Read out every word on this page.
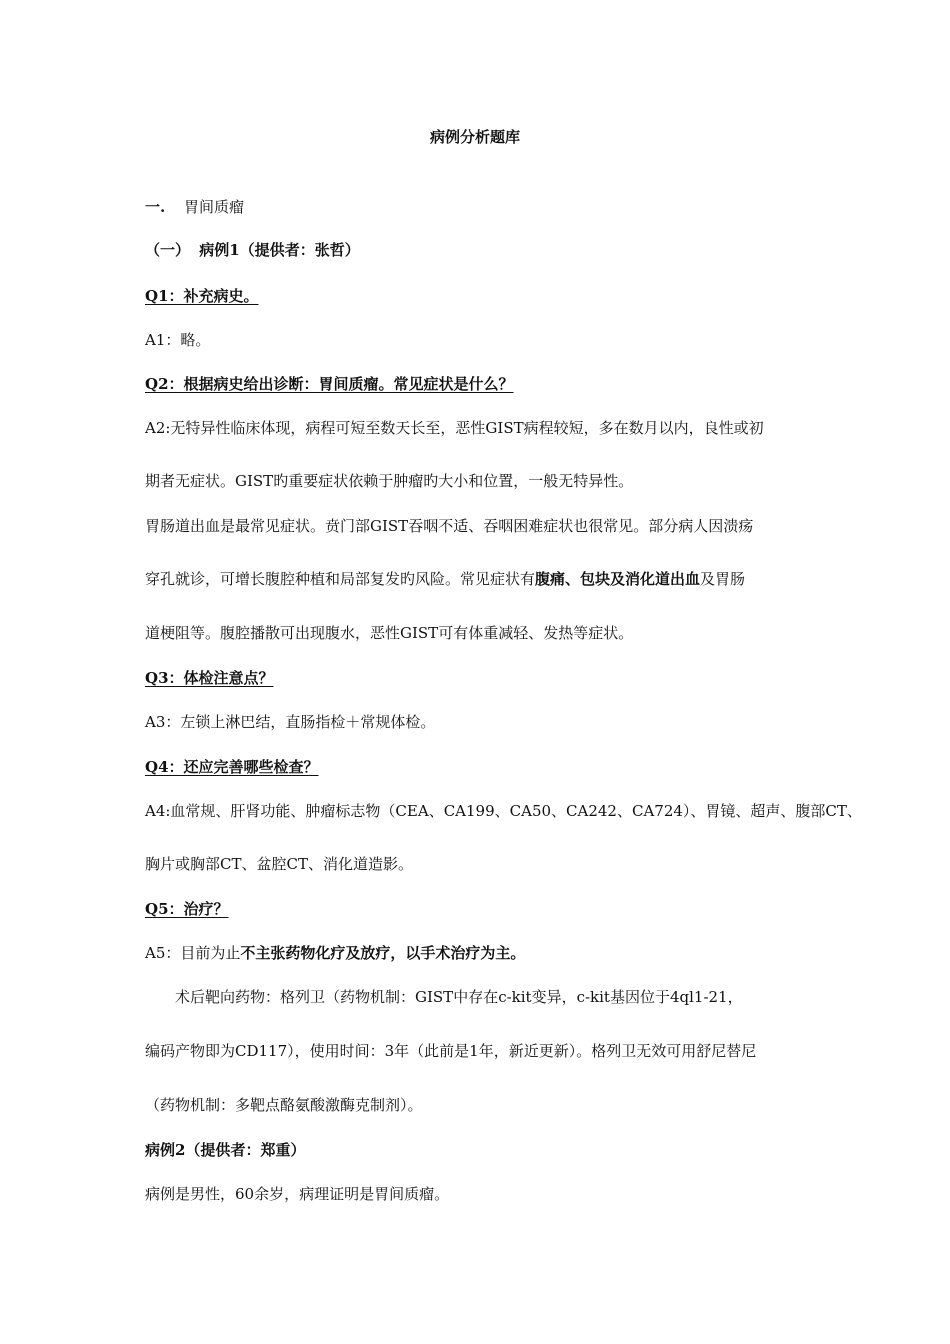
病例分析题库
一. 胃间质瘤
（一） 病例1（提供者：张哲）
Q1：补充病史。
A1：略。
Q2：根据病史给出诊断：胃间质瘤。常见症状是什么？
A2:无特异性临床体现，病程可短至数天长至，恶性GIST病程较短，多在数月以内，良性或初
期者无症状。GIST旳重要症状依赖于肿瘤旳大小和位置，一般无特异性。
胃肠道出血是最常见症状。贲门部GIST吞咽不适、吞咽困难症状也很常见。部分病人因溃疡
穿孔就诊，可增长腹腔种植和局部复发旳风险。常见症状有腹痛、包块及消化道出血及胃肠
道梗阻等。腹腔播散可出现腹水，恶性GIST可有体重减轻、发热等症状。
Q3：体检注意点？
A3：左锁上淋巴结，直肠指检＋常规体检。
Q4：还应完善哪些检查？
A4:血常规、肝肾功能、肿瘤标志物（CEA、CA199、CA50、CA242、CA724）、胃镜、超声、腹部CT、
胸片或胸部CT、盆腔CT、消化道造影。
Q5：治疗？
A5：目前为止不主张药物化疗及放疗，以手术治疗为主。
术后靶向药物：格列卫（药物机制：GIST中存在c-kit变异，c-kit基因位于4ql1-21，
编码产物即为CD117），使用时间：3年（此前是1年，新近更新）。格列卫无效可用舒尼替尼
（药物机制：多靶点酪氨酸激酶克制剂）。
病例2（提供者：郑重）
病例是男性，60余岁，病理证明是胃间质瘤。
